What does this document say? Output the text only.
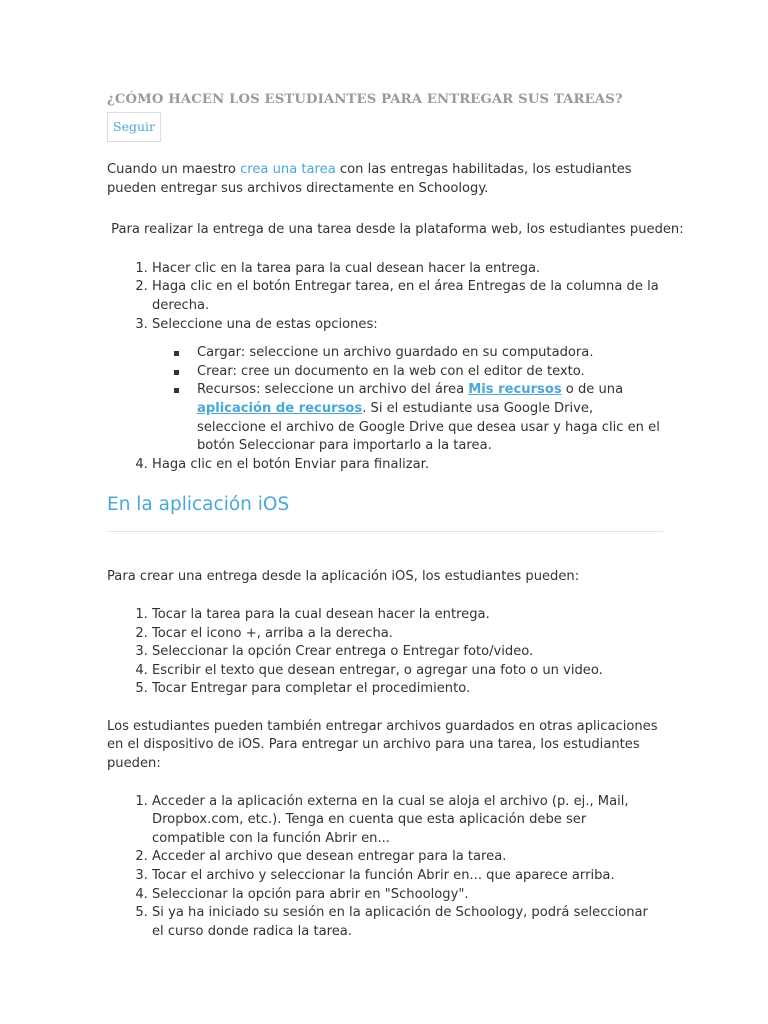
¿CÓMO HACEN LOS ESTUDIANTES PARA ENTREGAR SUS TAREAS?
Seguir

Cuando un maestro crea una tarea con las entregas habilitadas, los estudiantes pueden entregar sus archivos directamente en Schoology.

Para realizar la entrega de una tarea desde la plataforma web, los estudiantes pueden:

1. Hacer clic en la tarea para la cual desean hacer la entrega.
2. Haga clic en el botón Entregar tarea, en el área Entregas de la columna de la derecha.
3. Seleccione una de estas opciones:
Cargar: seleccione un archivo guardado en su computadora.
Crear: cree un documento en la web con el editor de texto.
Recursos: seleccione un archivo del área Mis recursos o de una aplicación de recursos. Si el estudiante usa Google Drive, seleccione el archivo de Google Drive que desea usar y haga clic en el botón Seleccionar para importarlo a la tarea.
4. Haga clic en el botón Enviar para finalizar.
En la aplicación iOS

Para crear una entrega desde la aplicación iOS, los estudiantes pueden:

1. Tocar la tarea para la cual desean hacer la entrega.
2. Tocar el icono +, arriba a la derecha.
3. Seleccionar la opción Crear entrega o Entregar foto/video.
4. Escribir el texto que desean entregar, o agregar una foto o un video.
5. Tocar Entregar para completar el procedimiento.

Los estudiantes pueden también entregar archivos guardados en otras aplicaciones en el dispositivo de iOS. Para entregar un archivo para una tarea, los estudiantes pueden:

1. Acceder a la aplicación externa en la cual se aloja el archivo (p. ej., Mail, Dropbox.com, etc.). Tenga en cuenta que esta aplicación debe ser compatible con la función Abrir en...
2. Acceder al archivo que desean entregar para la tarea.
3. Tocar el archivo y seleccionar la función Abrir en... que aparece arriba.
4. Seleccionar la opción para abrir en "Schoology".
5. Si ya ha iniciado su sesión en la aplicación de Schoology, podrá seleccionar el curso donde radica la tarea.
